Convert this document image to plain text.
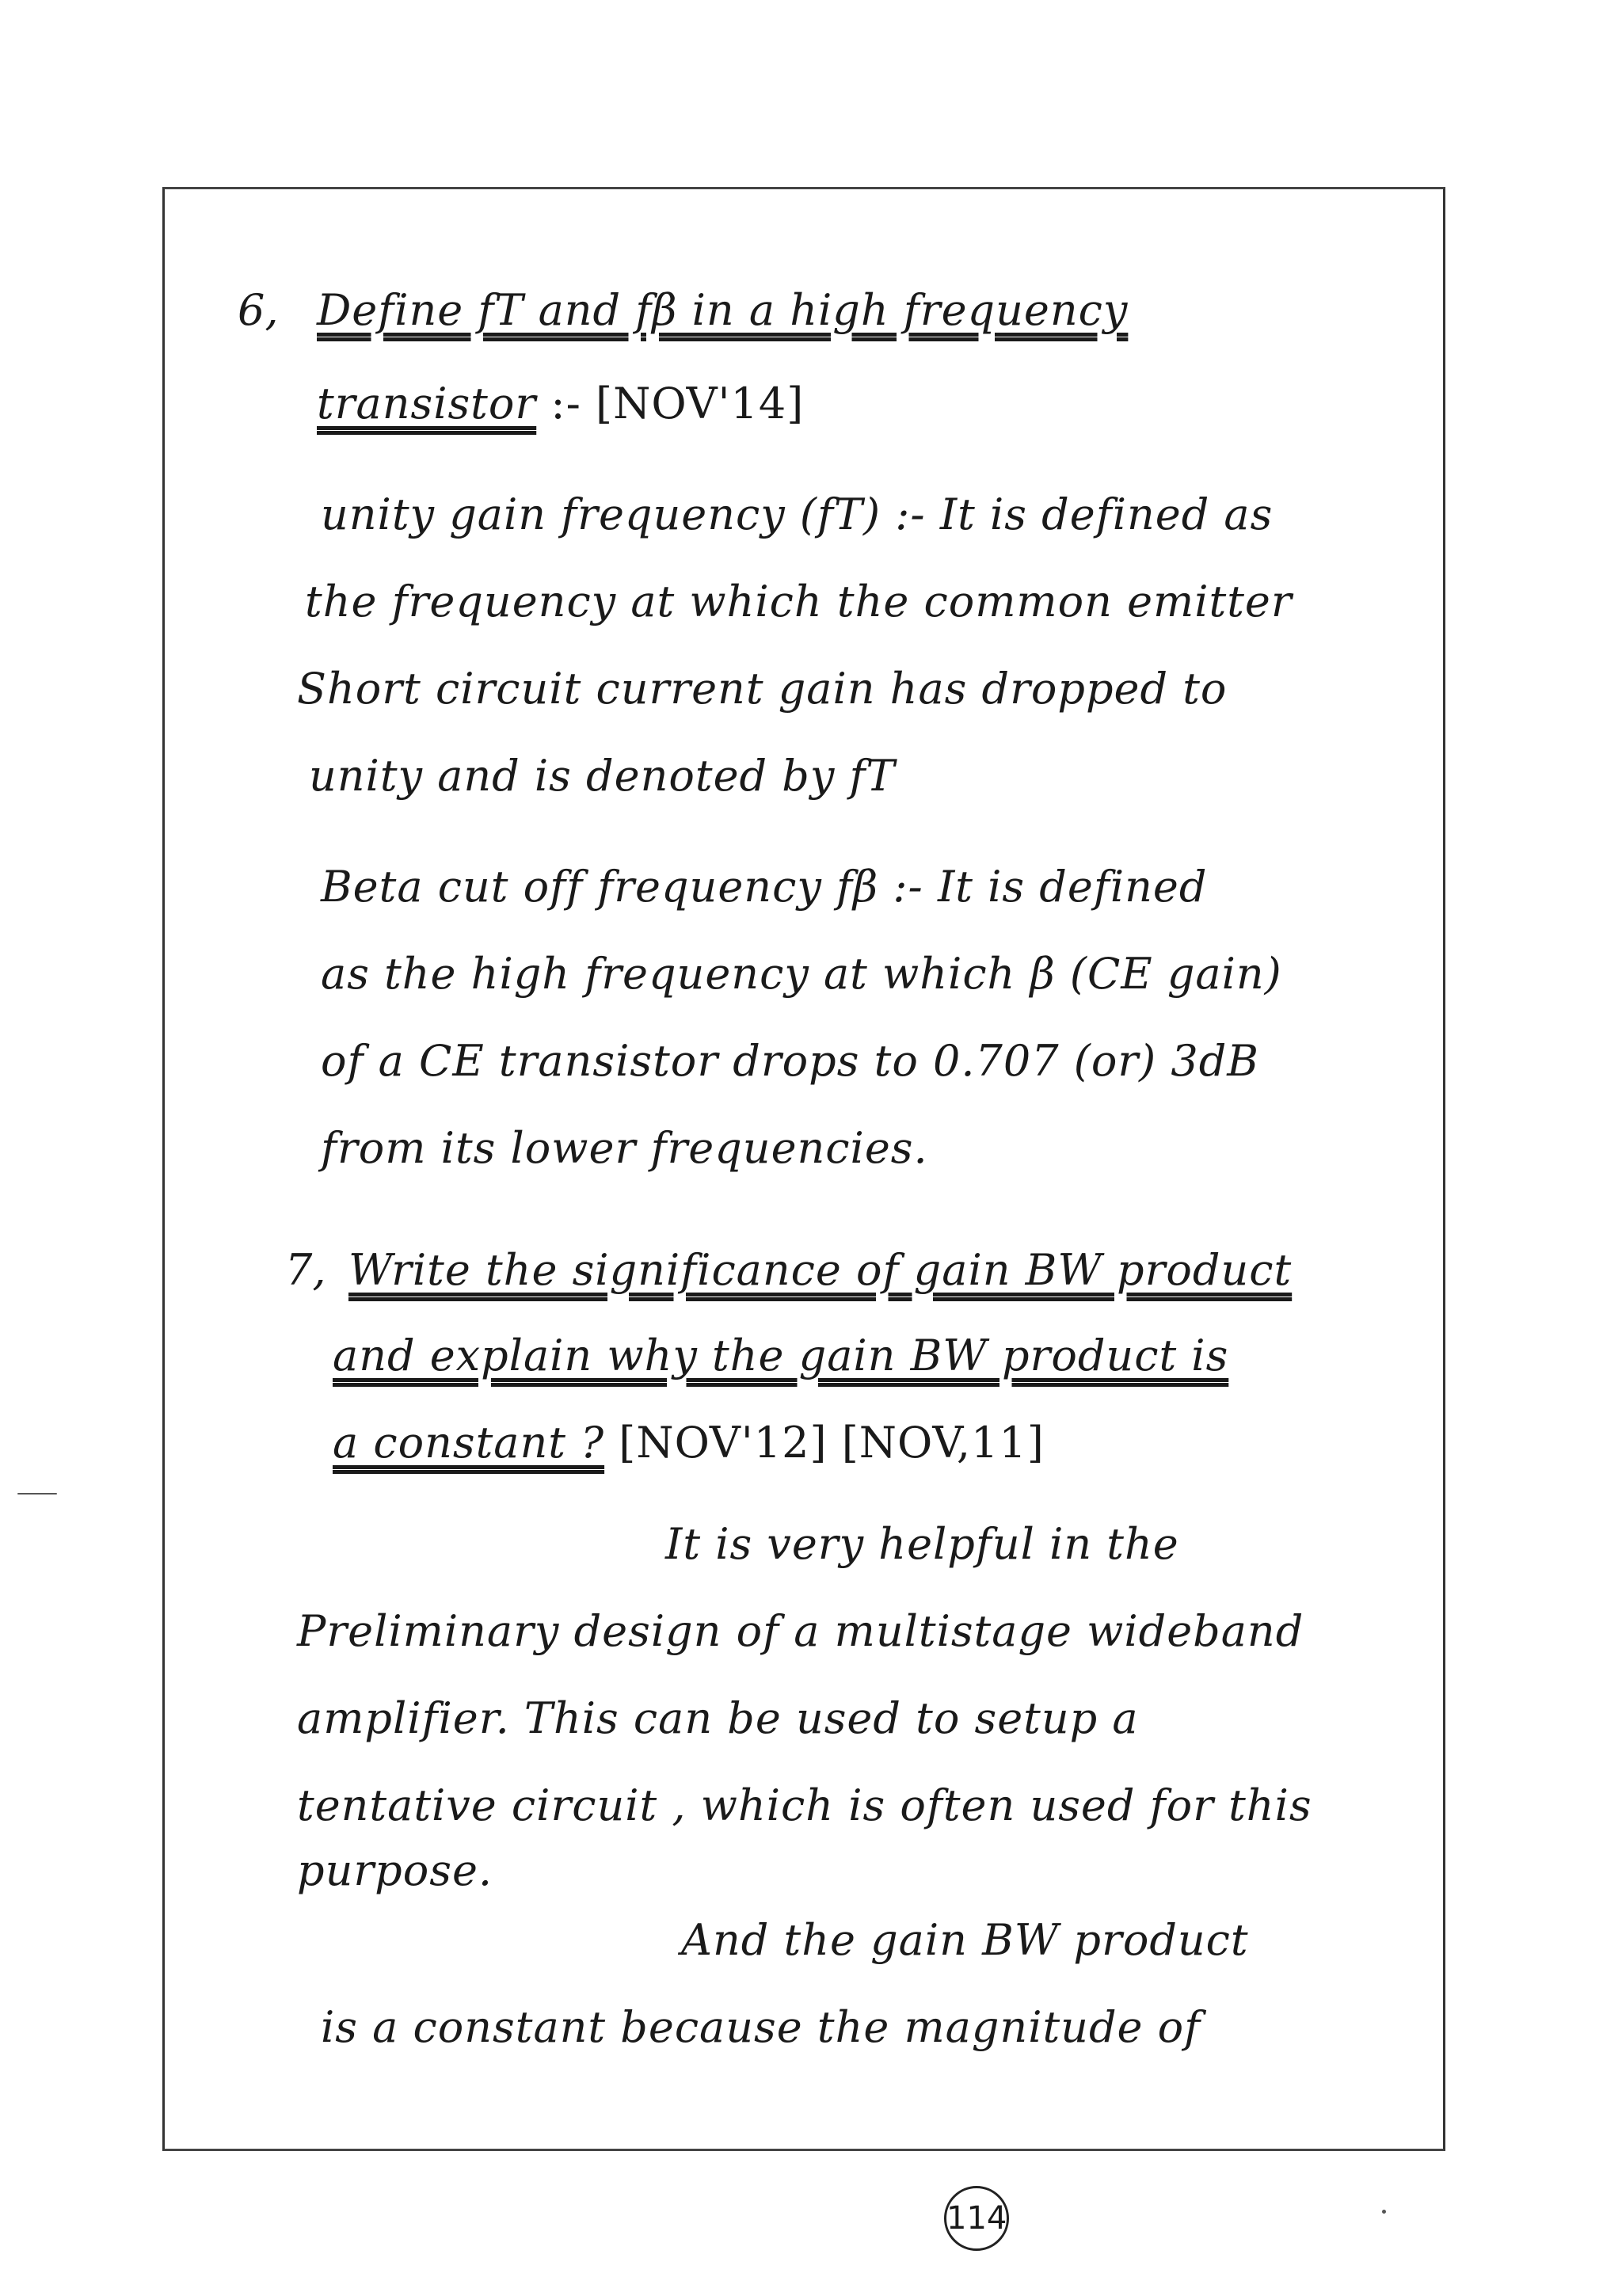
6, Define fT and fβ in a high frequency
transistor :- [NOV'14]
unity gain frequency (fT) :- It is defined as
the frequency at which the common emitter
Short circuit current gain has dropped to
unity and is denoted by fT
Beta cut off frequency fβ :- It is defined
as the high frequency at which β (CE gain)
of a CE transistor drops to 0.707 (or) 3dB
from its lower frequencies.
7, Write the significance of gain BW product
and explain why the gain BW product is
a constant ? [NOV'12] [NOV,11]
It is very helpful in the
Preliminary design of a multistage wideband
amplifier. This can be used to setup a
tentative circuit , which is often used for this
purpose.
And the gain BW product
is a constant because the magnitude of
114
